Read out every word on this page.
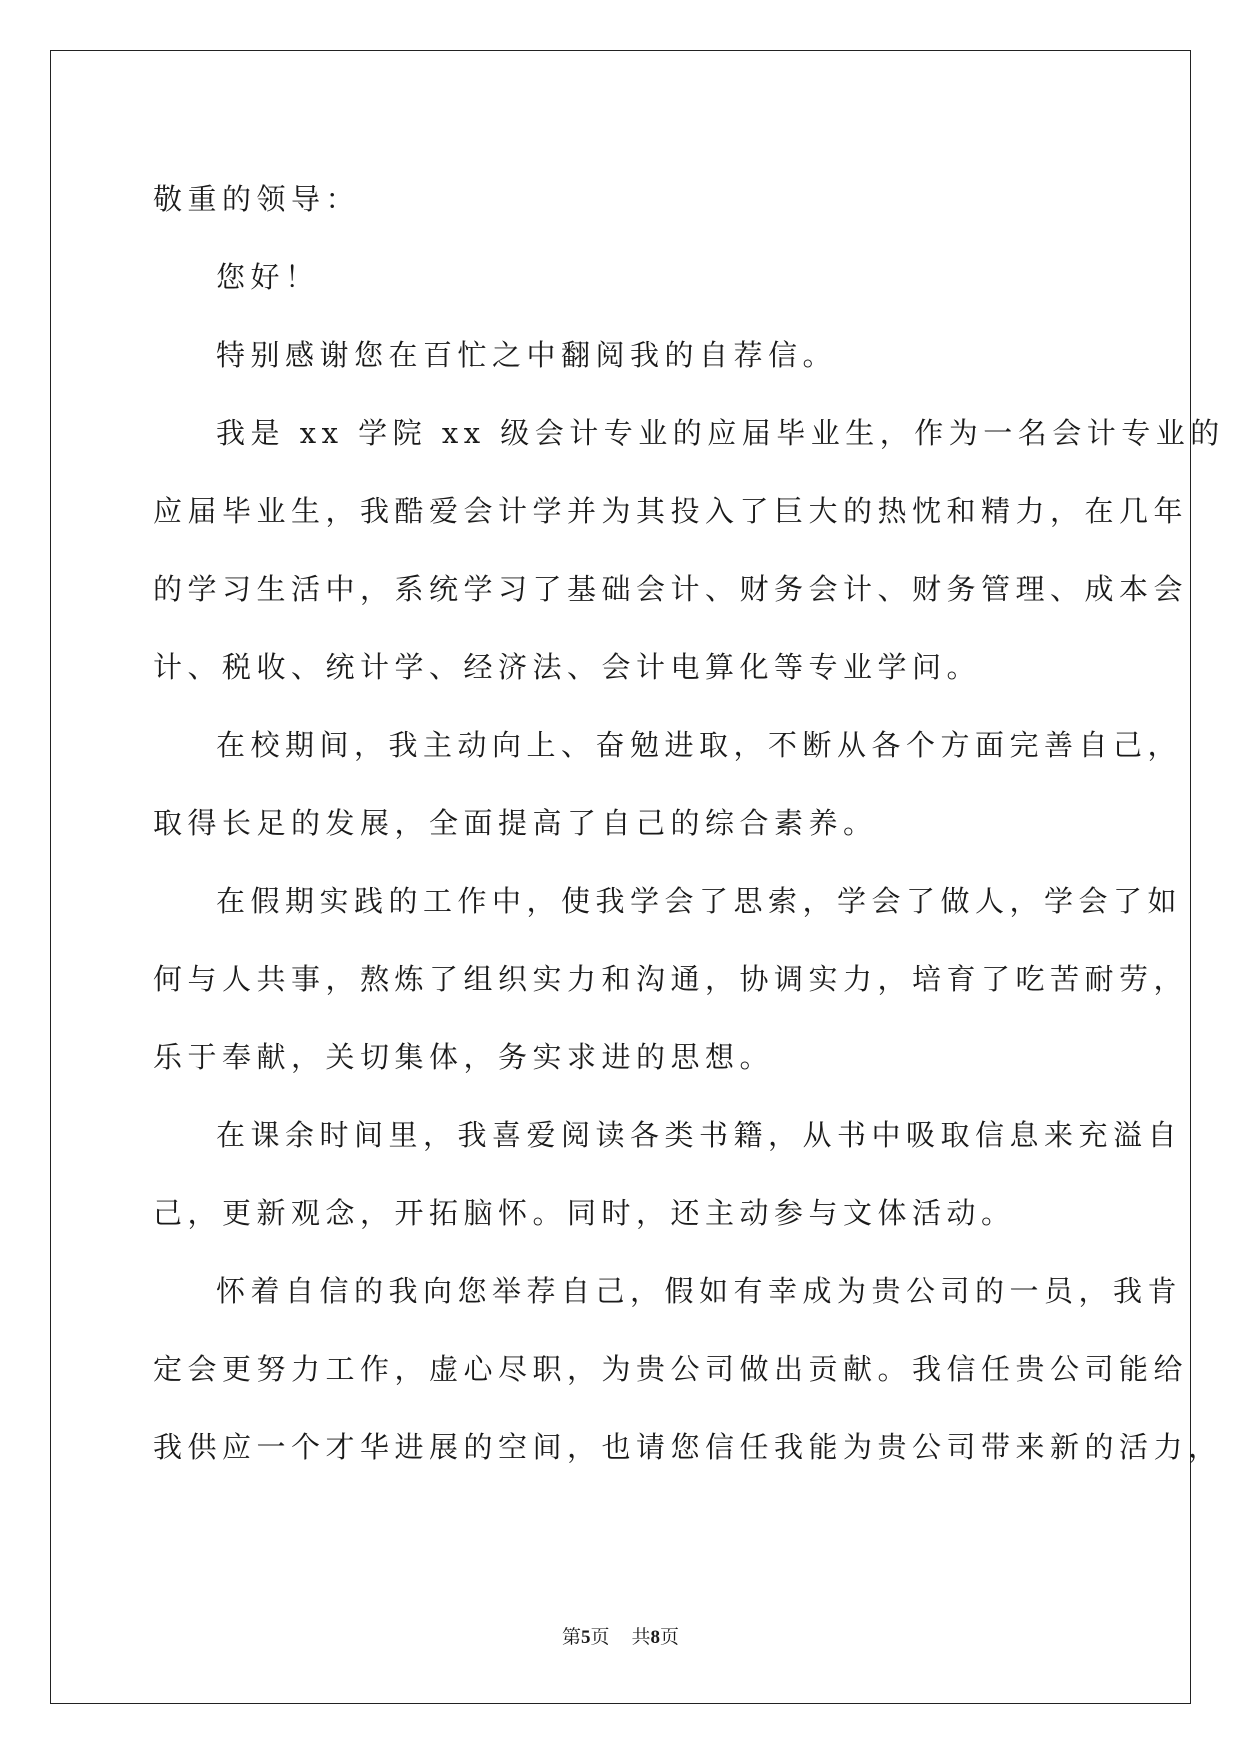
敬重的领导：
您好！
特别感谢您在百忙之中翻阅我的自荐信。
我是 xx 学院 xx 级会计专业的应届毕业生，作为一名会计专业的
应届毕业生，我酷爱会计学并为其投入了巨大的热忱和精力，在几年
的学习生活中，系统学习了基础会计、财务会计、财务管理、成本会
计、税收、统计学、经济法、会计电算化等专业学问。
在校期间，我主动向上、奋勉进取，不断从各个方面完善自己，
取得长足的发展，全面提高了自己的综合素养。
在假期实践的工作中，使我学会了思索，学会了做人，学会了如
何与人共事，熬炼了组织实力和沟通，协调实力，培育了吃苦耐劳，
乐于奉献，关切集体，务实求进的思想。
在课余时间里，我喜爱阅读各类书籍，从书中吸取信息来充溢自
己，更新观念，开拓脑怀。同时，还主动参与文体活动。
怀着自信的我向您举荐自己，假如有幸成为贵公司的一员，我肯
定会更努力工作，虚心尽职，为贵公司做出贡献。我信任贵公司能给
我供应一个才华进展的空间，也请您信任我能为贵公司带来新的活力，
第5页 共8页
